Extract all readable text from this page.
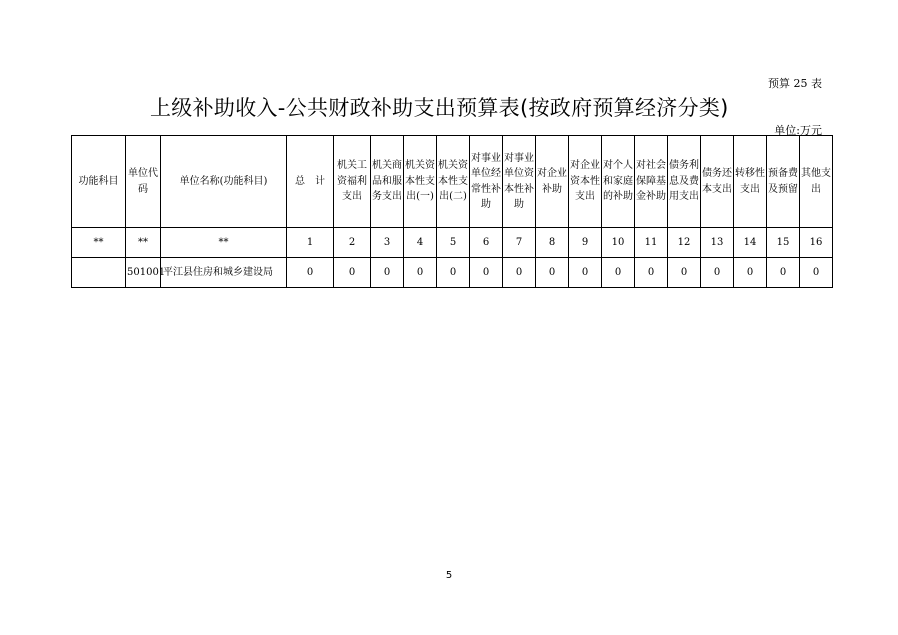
预算 25 表
上级补助收入-公共财政补助支出预算表(按政府预算经济分类)
单位:万元
功能科目	单位代码	单位名称(功能科目)	总　计	机关工资福利支出	机关商品和服务支出	机关资本性支出(一)	机关资本性支出(二)	对事业单位经常性补助	对事业单位资本性补助	对企业补助	对企业资本性支出	对个人和家庭的补助	对社会保障基金补助	债务利息及费用支出	债务还本支出	转移性支出	预备费及预留	其他支出
**	**	**	1	2	3	4	5	6	7	8	9	10	11	12	13	14	15	16
	501001	平江县住房和城乡建设局	0	0	0	0	0	0	0	0	0	0	0	0	0	0	0	0
5
